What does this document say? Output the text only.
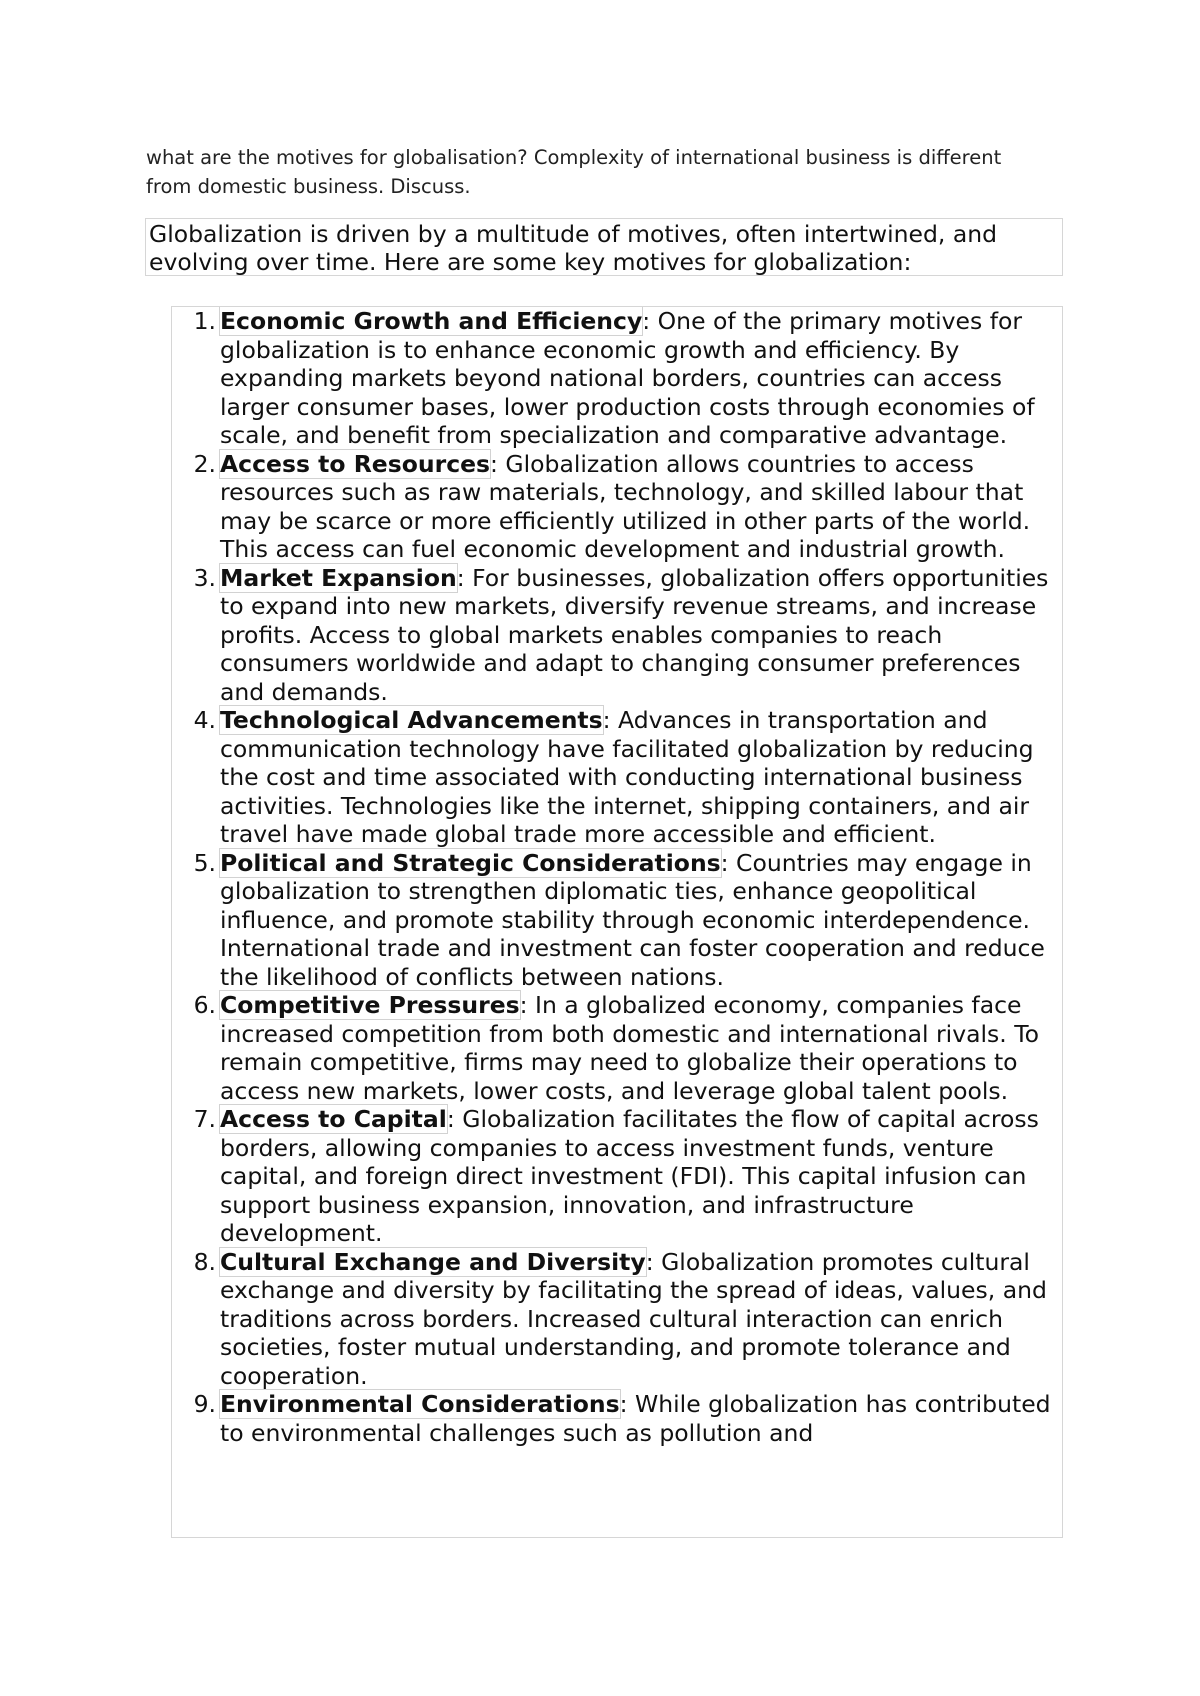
what are the motives for globalisation? Complexity of international business is different from domestic business. Discuss.

Globalization is driven by a multitude of motives, often intertwined, and evolving over time. Here are some key motives for globalization:
1. Economic Growth and Efficiency: One of the primary motives for globalization is to enhance economic growth and efficiency. By expanding markets beyond national borders, countries can access larger consumer bases, lower production costs through economies of scale, and benefit from specialization and comparative advantage.
2. Access to Resources: Globalization allows countries to access resources such as raw materials, technology, and skilled labour that may be scarce or more efficiently utilized in other parts of the world. This access can fuel economic development and industrial growth.
3. Market Expansion: For businesses, globalization offers opportunities to expand into new markets, diversify revenue streams, and increase profits. Access to global markets enables companies to reach consumers worldwide and adapt to changing consumer preferences and demands.
4. Technological Advancements: Advances in transportation and communication technology have facilitated globalization by reducing the cost and time associated with conducting international business activities. Technologies like the internet, shipping containers, and air travel have made global trade more accessible and efficient.
5. Political and Strategic Considerations: Countries may engage in globalization to strengthen diplomatic ties, enhance geopolitical influence, and promote stability through economic interdependence. International trade and investment can foster cooperation and reduce the likelihood of conflicts between nations.
6. Competitive Pressures: In a globalized economy, companies face increased competition from both domestic and international rivals. To remain competitive, firms may need to globalize their operations to access new markets, lower costs, and leverage global talent pools.
7. Access to Capital: Globalization facilitates the flow of capital across borders, allowing companies to access investment funds, venture capital, and foreign direct investment (FDI). This capital infusion can support business expansion, innovation, and infrastructure development.
8. Cultural Exchange and Diversity: Globalization promotes cultural exchange and diversity by facilitating the spread of ideas, values, and traditions across borders. Increased cultural interaction can enrich societies, foster mutual understanding, and promote tolerance and cooperation.
9. Environmental Considerations: While globalization has contributed to environmental challenges such as pollution and
